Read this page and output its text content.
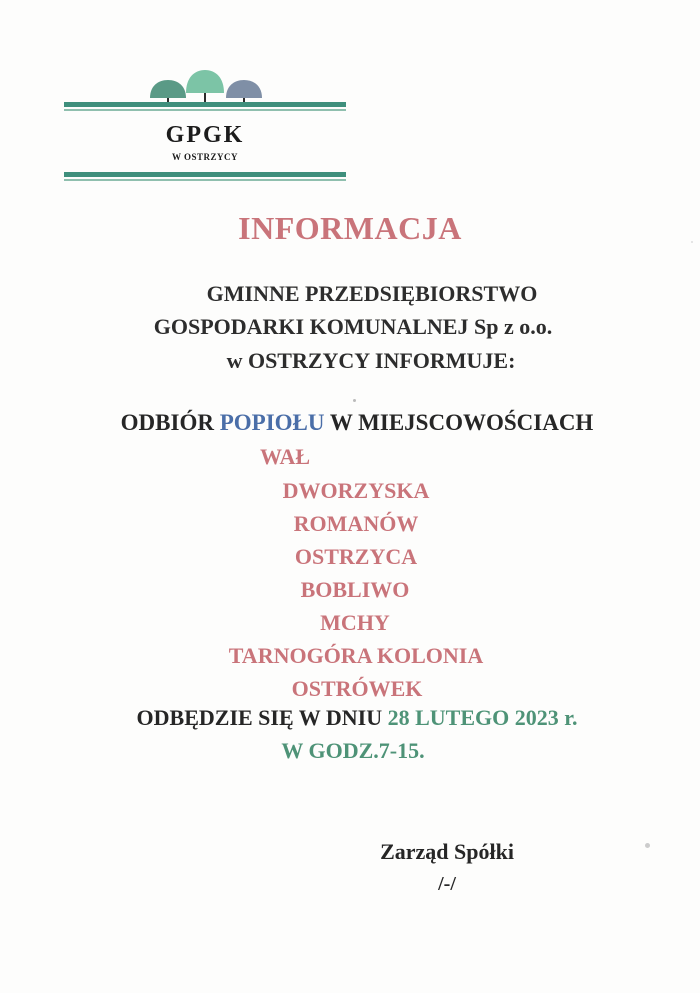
GPGK
W OSTRZYCY
INFORMACJA
GMINNE PRZEDSIĘBIORSTWO
GOSPODARKI KOMUNALNEJ Sp z o.o.
w OSTRZYCY INFORMUJE:
ODBIÓR POPIOŁU W MIEJSCOWOŚCIACH
WAŁ
DWORZYSKA
ROMANÓW
OSTRZYCA
BOBLIWO
MCHY
TARNOGÓRA KOLONIA
OSTRÓWEK
ODBĘDZIE SIĘ W DNIU 28 LUTEGO 2023 r.
W GODZ.7-15.
Zarząd Spółki
/-/
